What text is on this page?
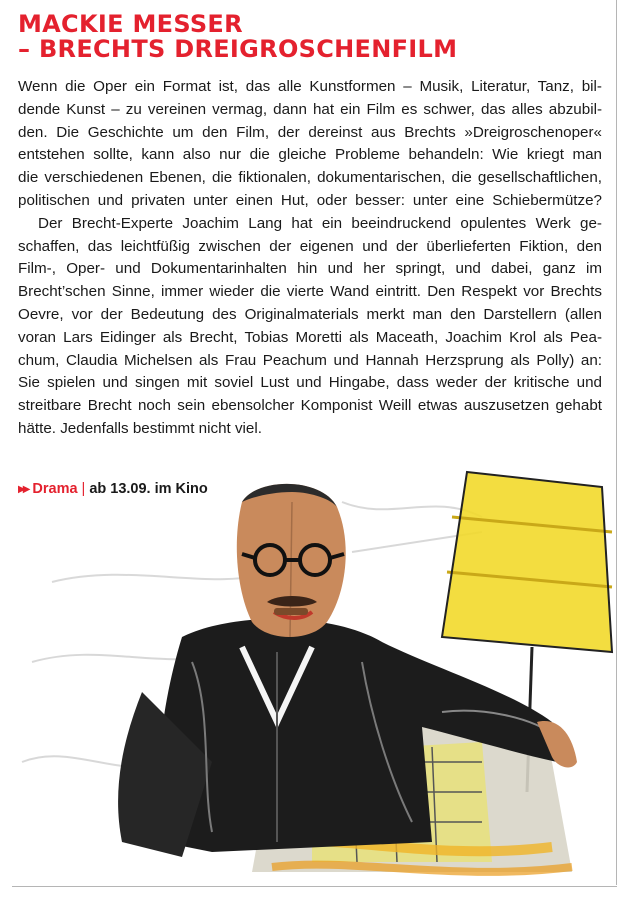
MACKIE MESSER
– BRECHTS DREIGROSCHENFILM
Wenn die Oper ein Format ist, das alle Kunstformen – Musik, Literatur, Tanz, bil-
dende Kunst – zu vereinen vermag, dann hat ein Film es schwer, das alles abzubil-
den. Die Geschichte um den Film, der dereinst aus Brechts »Dreigroschenoper«
entstehen sollte, kann also nur die gleiche Probleme behandeln: Wie kriegt man
die verschiedenen Ebenen, die fiktionalen, dokumentarischen, die gesellschaftlichen,
politischen und privaten unter einen Hut, oder besser: unter eine Schiebermütze?
Der Brecht-Experte Joachim Lang hat ein beeindruckend opulentes Werk ge-
schaffen, das leichtfüßig zwischen der eigenen und der überlieferten Fiktion, den
Film-, Oper- und Dokumentarinhalten hin und her springt, und dabei, ganz im
Brecht’schen Sinne, immer wieder die vierte Wand eintritt. Den Respekt vor Brechts
Oevre, vor der Bedeutung des Originalmaterials merkt man den Darstellern (allen
voran Lars Eidinger als Brecht, Tobias Moretti als Maceath, Joachim Krol als Pea-
chum, Claudia Michelsen als Frau Peachum und Hannah Herzsprung als Polly) an:
Sie spielen und singen mit soviel Lust und Hingabe, dass weder der kritische und
streitbare Brecht noch sein ebensolcher Komponist Weill etwas auszusetzen gehabt
hätte. Jedenfalls bestimmt nicht viel.
▶▶ Drama | ab 13.09. im Kino
